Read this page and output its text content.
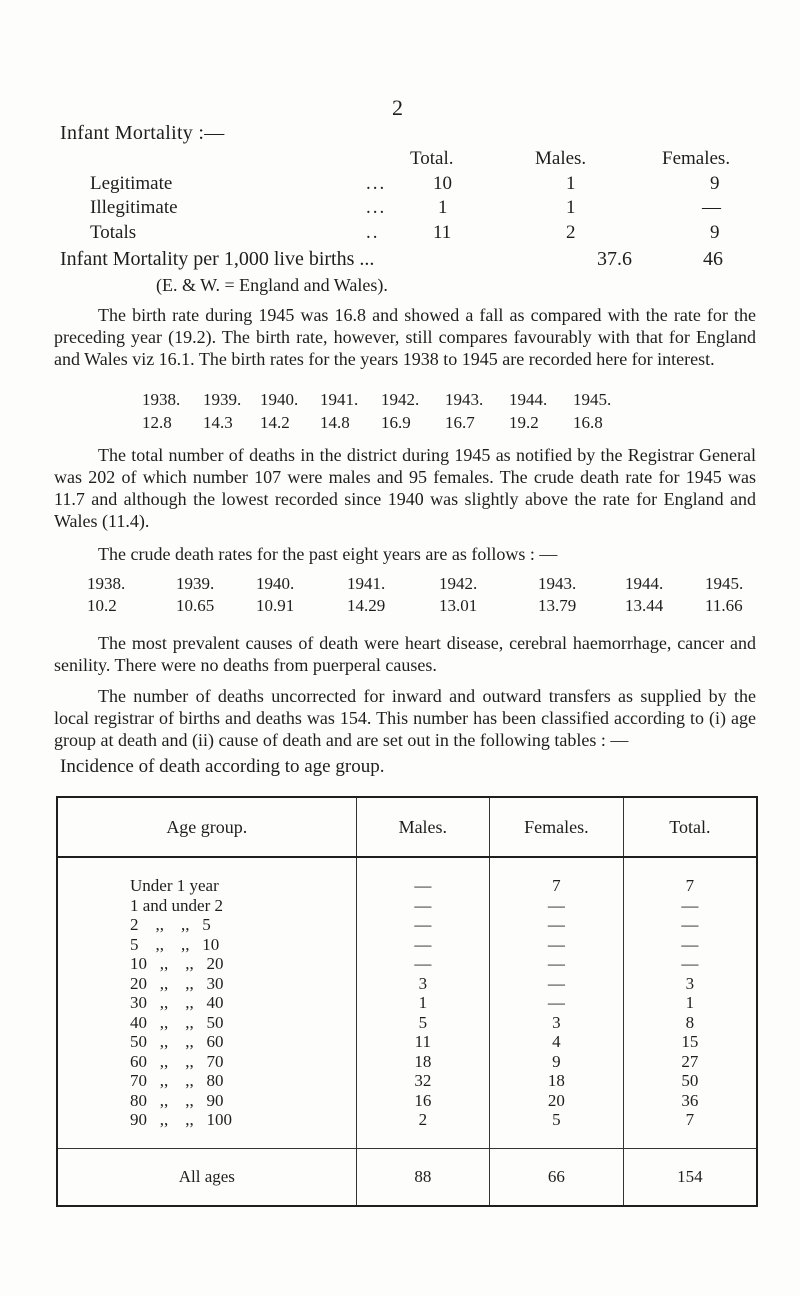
2
Infant Mortality :—
Total.	Males.	Females.
Legitimate	... 10	1	9
Illegitimate	...	1	1	—
Totals	..	11	2	9
Infant Mortality per 1,000 live births ...	37.6	46
(E. & W. = England and Wales).

The birth rate during 1945 was 16.8 and showed a fall as compared with the rate for the preceding year (19.2). The birth rate, however, still compares favourably with that for England and Wales viz 16.1. The birth rates for the years 1938 to 1945 are recorded here for interest.

1938. 1939. 1940. 1941. 1942. 1943. 1944. 1945.
12.8 14.3 14.2 14.8 16.9 16.7 19.2 16.8

The total number of deaths in the district during 1945 as notified by the Registrar General was 202 of which number 107 were males and 95 females. The crude death rate for 1945 was 11.7 and although the lowest recorded since 1940 was slightly above the rate for England and Wales (11.4).

The crude death rates for the past eight years are as follows : —

1938.	1939. 1940.	1941.	1942.	1943.	1944. 1945.
10.2	10.65 10.91	14.29	13.01	13.79	13.44 11.66

The most prevalent causes of death were heart disease, cerebral haemorrhage, cancer and senility. There were no deaths from puerperal causes.

The number of deaths uncorrected for inward and outward transfers as supplied by the local registrar of births and deaths was 154. This number has been classified according to (i) age group at death and (ii) cause of death and are set out in the following tables : —

Incidence of death according to age group.
Age group.	Males.	Females.	Total.
Under 1 year	—	7	7
1 and under 2	—	—	—
2    ,,    ,,   5	—	—	—
5    ,,    ,,   10	—	—	—
10   ,,    ,,   20	—	—	—
20   ,,    ,,   30	3	—	3
30   ,,    ,,   40	1	—	1
40   ,,    ,,   50	5	3	8
50   ,,    ,,   60	11	4	15
60   ,,    ,,   70	18	9	27
70   ,,    ,,   80	32	18	50
80   ,,    ,,   90	16	20	36
90   ,,    ,,   100	2	5	7
All ages	88	66	154
